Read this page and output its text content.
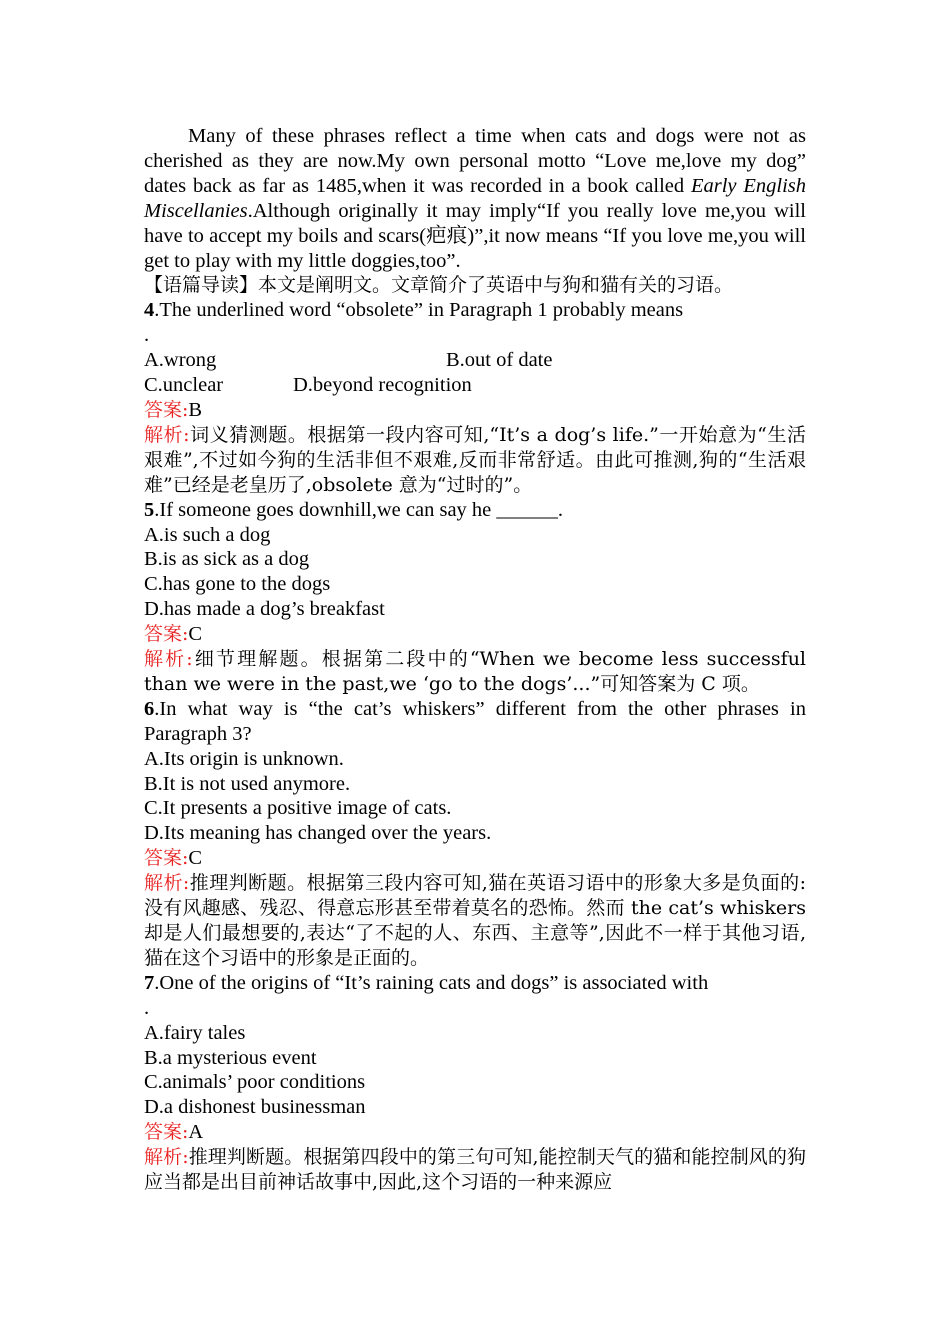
Many of these phrases reflect a time when cats and dogs were not as cherished as they are now.My own personal motto “Love me,love my dog” dates back as far as 1485,when it was recorded in a book called Early English Miscellanies.Although originally it may imply“If you really love me,you will have to accept my boils and scars(疤痕)”,it now means “If you love me,you will get to play with my little doggies,too”.

【语篇导读】本文是阐明文。文章简介了英语中与狗和猫有关的习语。

4.The underlined word “obsolete” in Paragraph 1 probably means

.

A.wrong	B.out of date
C.unclear	D.beyond recognition

答案:B

解析:词义猜测题。根据第一段内容可知,“It’s a dog’s life.”一开始意为“生活艰难”,不过如今狗的生活非但不艰难,反而非常舒适。由此可推测,狗的“生活艰难”已经是老皇历了,obsolete 意为“过时的”。

5.If someone goes downhill,we can say he ______.

A.is such a dog

B.is as sick as a dog

C.has gone to the dogs

D.has made a dog’s breakfast

答案:C

解析:细节理解题。根据第二段中的“When we become less successful than we were in the past,we ‘go to the dogs’...”可知答案为 C 项。

6.In what way is “the cat’s whiskers” different from the other phrases in Paragraph 3?

A.Its origin is unknown.

B.It is not used anymore.

C.It presents a positive image of cats.

D.Its meaning has changed over the years.

答案:C

解析:推理判断题。根据第三段内容可知,猫在英语习语中的形象大多是负面的:没有风趣感、残忍、得意忘形甚至带着莫名的恐怖。然而 the cat’s whiskers 却是人们最想要的,表达“了不起的人、东西、主意等”,因此不一样于其他习语,猫在这个习语中的形象是正面的。

7.One of the origins of “It’s raining cats and dogs” is associated with

.

A.fairy tales

B.a mysterious event

C.animals’ poor conditions

D.a dishonest businessman

答案:A

解析:推理判断题。根据第四段中的第三句可知,能控制天气的猫和能控制风的狗应当都是出目前神话故事中,因此,这个习语的一种来源应
